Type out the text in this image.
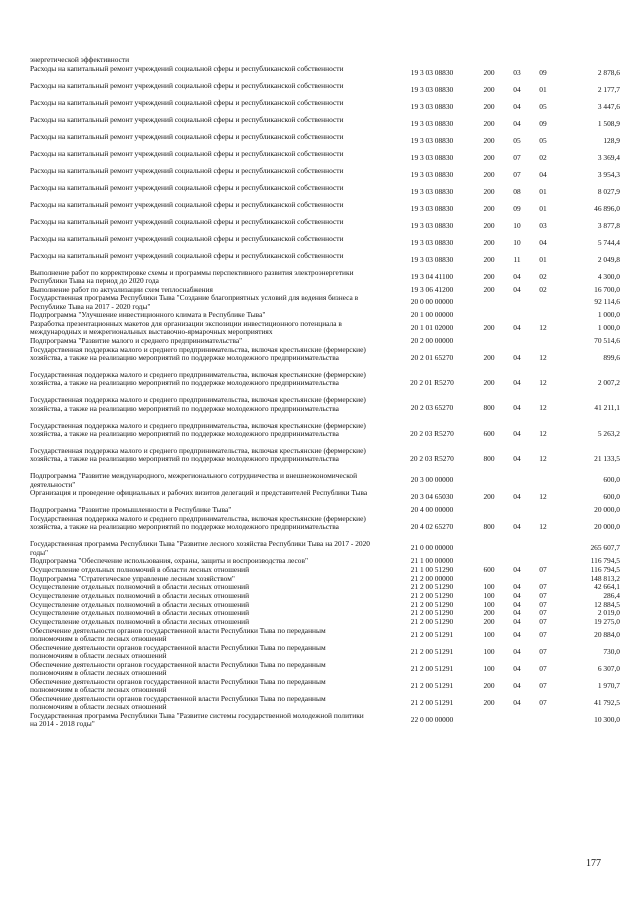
энергетической эффективности
Расходы на капитальный ремонт учреждений социальной сферы и республиканской собственности	19 3 03 08830	200	03	09	2 878,6
Расходы на капитальный ремонт учреждений социальной сферы и республиканской собственности	19 3 03 08830	200	04	01	2 177,7
Расходы на капитальный ремонт учреждений социальной сферы и республиканской собственности	19 3 03 08830	200	04	05	3 447,6
Расходы на капитальный ремонт учреждений социальной сферы и республиканской собственности	19 3 03 08830	200	04	09	1 508,9
Расходы на капитальный ремонт учреждений социальной сферы и республиканской собственности	19 3 03 08830	200	05	05	128,9
Расходы на капитальный ремонт учреждений социальной сферы и республиканской собственности	19 3 03 08830	200	07	02	3 369,4
Расходы на капитальный ремонт учреждений социальной сферы и республиканской собственности	19 3 03 08830	200	07	04	3 954,3
Расходы на капитальный ремонт учреждений социальной сферы и республиканской собственности	19 3 03 08830	200	08	01	8 027,9
Расходы на капитальный ремонт учреждений социальной сферы и республиканской собственности	19 3 03 08830	200	09	01	46 896,0
Расходы на капитальный ремонт учреждений социальной сферы и республиканской собственности	19 3 03 08830	200	10	03	3 877,8
Расходы на капитальный ремонт учреждений социальной сферы и республиканской собственности	19 3 03 08830	200	10	04	5 744,4
Расходы на капитальный ремонт учреждений социальной сферы и республиканской собственности	19 3 03 08830	200	11	01	2 049,8
Выполнение работ по корректировке схемы и программы перспективного развития электроэнергетики Республики Тыва на период до 2020 года	19 3 04 41100	200	04	02	4 300,0
Выполнение работ по актуализации схем теплоснабжения	19 3 06 41200	200	04	02	16 700,0
Государственная программа Республики Тыва "Создание благоприятных условий для ведения бизнеса в Республике Тыва на 2017 - 2020 годы"	20 0 00 00000	92 114,6
Подпрограмма "Улучшение инвестиционного климата в Республике Тыва"	20 1 00 00000	1 000,0
Разработка презентационных макетов для организации экспозиции инвестиционного потенциала в международных и межрегиональных выставочно-ярмарочных мероприятиях	20 1 01 02000	200	04	12	1 000,0
Подпрограмма "Развитие малого и среднего предпринимательства"	20 2 00 00000	70 514,6
Государственная поддержка малого и среднего предпринимательства, включая крестьянские (фермерские) хозяйства, а также на реализацию мероприятий по поддержке молодежного предпринимательства	20 2 01 65270	200	04	12	899,6
Государственная поддержка малого и среднего предпринимательства, включая крестьянские (фермерские) хозяйства, а также на реализацию мероприятий по поддержке молодежного предпринимательства	20 2 01 R5270	200	04	12	2 007,2
Государственная поддержка малого и среднего предпринимательства, включая крестьянские (фермерские) хозяйства, а также на реализацию мероприятий по поддержке молодежного предпринимательства	20 2 03 65270	800	04	12	41 211,1
Государственная поддержка малого и среднего предпринимательства, включая крестьянские (фермерские) хозяйства, а также на реализацию мероприятий по поддержке молодежного предпринимательства	20 2 03 R5270	600	04	12	5 263,2
Государственная поддержка малого и среднего предпринимательства, включая крестьянские (фермерские) хозяйства, а также на реализацию мероприятий по поддержке молодежного предпринимательства	20 2 03 R5270	800	04	12	21 133,5
Подпрограмма "Развитие международного, межрегионального сотрудничества и внешнеэкономической деятельности"	20 3 00 00000	600,0
Организация и проведение официальных и рабочих визитов делегаций и представителей Республики Тыва	20 3 04 65030	200	04	12	600,0
Подпрограмма "Развитие промышленности в Республике Тыва"	20 4 00 00000	20 000,0
Государственная поддержка малого и среднего предпринимательства, включая крестьянские (фермерские) хозяйства, а также на реализацию мероприятий по поддержке молодежного предпринимательства	20 4 02 65270	800	04	12	20 000,0
Государственная программа Республики Тыва "Развитие лесного хозяйства Республики Тыва на 2017 - 2020 годы"	21 0 00 00000	265 607,7
Подпрограмма "Обеспечение использования, охраны, защиты и воспроизводства лесов"	21 1 00 00000	116 794,5
Осуществление отдельных полномочий в области лесных отношений	21 1 00 51290	600	04	07	116 794,5
Подпрограмма "Стратегическое управление лесным хозяйством"	21 2 00 00000	148 813,2
Осуществление отдельных полномочий в области лесных отношений	21 2 00 51290	100	04	07	42 664,1
Осуществление отдельных полномочий в области лесных отношений	21 2 00 51290	100	04	07	286,4
Осуществление отдельных полномочий в области лесных отношений	21 2 00 51290	100	04	07	12 884,5
Осуществление отдельных полномочий в области лесных отношений	21 2 00 51290	200	04	07	2 019,0
Осуществление отдельных полномочий в области лесных отношений	21 2 00 51290	200	04	07	19 275,0
Обеспечение деятельности органов государственной власти Республики Тыва по переданным полномочиям в области лесных отношений	21 2 00 51291	100	04	07	20 884,0
Обеспечение деятельности органов государственной власти Республики Тыва по переданным полномочиям в области лесных отношений	21 2 00 51291	100	04	07	730,0
Обеспечение деятельности органов государственной власти Республики Тыва по переданным полномочиям в области лесных отношений	21 2 00 51291	100	04	07	6 307,0
Обеспечение деятельности органов государственной власти Республики Тыва по переданным полномочиям в области лесных отношений	21 2 00 51291	200	04	07	1 970,7
Обеспечение деятельности органов государственной власти Республики Тыва по переданным полномочиям в области лесных отношений	21 2 00 51291	200	04	07	41 792,5
Государственная программа Республики Тыва "Развитие системы государственной молодежной политики на 2014 - 2018 годы"	22 0 00 00000	10 300,0
177
